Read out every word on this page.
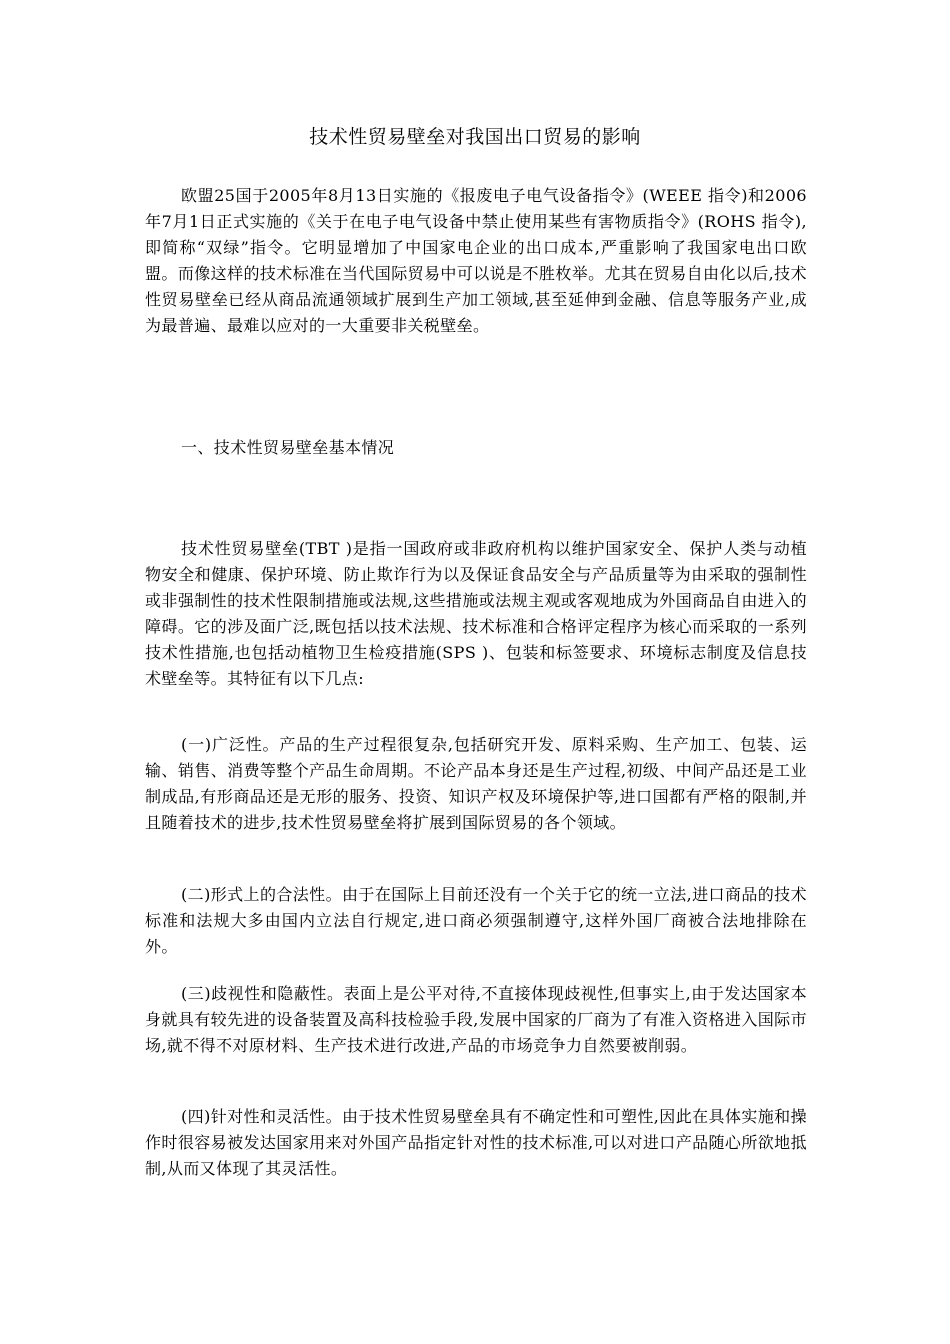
技术性贸易壁垒对我国出口贸易的影响

欧盟25国于2005年8月13日实施的《报废电子电气设备指令》(WEEE 指令)和2006年7月1日正式实施的《关于在电子电气设备中禁止使用某些有害物质指令》(ROHS 指令),即简称“双绿”指令。它明显增加了中国家电企业的出口成本,严重影响了我国家电出口欧盟。而像这样的技术标准在当代国际贸易中可以说是不胜枚举。尤其在贸易自由化以后,技术性贸易壁垒已经从商品流通领域扩展到生产加工领域,甚至延伸到金融、信息等服务产业,成为最普遍、最难以应对的一大重要非关税壁垒。

一、技术性贸易壁垒基本情况

技术性贸易壁垒(TBT )是指一国政府或非政府机构以维护国家安全、保护人类与动植物安全和健康、保护环境、防止欺诈行为以及保证食品安全与产品质量等为由采取的强制性或非强制性的技术性限制措施或法规,这些措施或法规主观或客观地成为外国商品自由进入的障碍。它的涉及面广泛,既包括以技术法规、技术标准和合格评定程序为核心而采取的一系列技术性措施,也包括动植物卫生检疫措施(SPS )、包装和标签要求、环境标志制度及信息技术壁垒等。其特征有以下几点:

(一)广泛性。产品的生产过程很复杂,包括研究开发、原料采购、生产加工、包装、运输、销售、消费等整个产品生命周期。不论产品本身还是生产过程,初级、中间产品还是工业制成品,有形商品还是无形的服务、投资、知识产权及环境保护等,进口国都有严格的限制,并且随着技术的进步,技术性贸易壁垒将扩展到国际贸易的各个领域。

(二)形式上的合法性。由于在国际上目前还没有一个关于它的统一立法,进口商品的技术标准和法规大多由国内立法自行规定,进口商必须强制遵守,这样外国厂商被合法地排除在外。

(三)歧视性和隐蔽性。表面上是公平对待,不直接体现歧视性,但事实上,由于发达国家本身就具有较先进的设备装置及高科技检验手段,发展中国家的厂商为了有准入资格进入国际市场,就不得不对原材料、生产技术进行改进,产品的市场竞争力自然要被削弱。

(四)针对性和灵活性。由于技术性贸易壁垒具有不确定性和可塑性,因此在具体实施和操作时很容易被发达国家用来对外国产品指定针对性的技术标准,可以对进口产品随心所欲地抵制,从而又体现了其灵活性。
